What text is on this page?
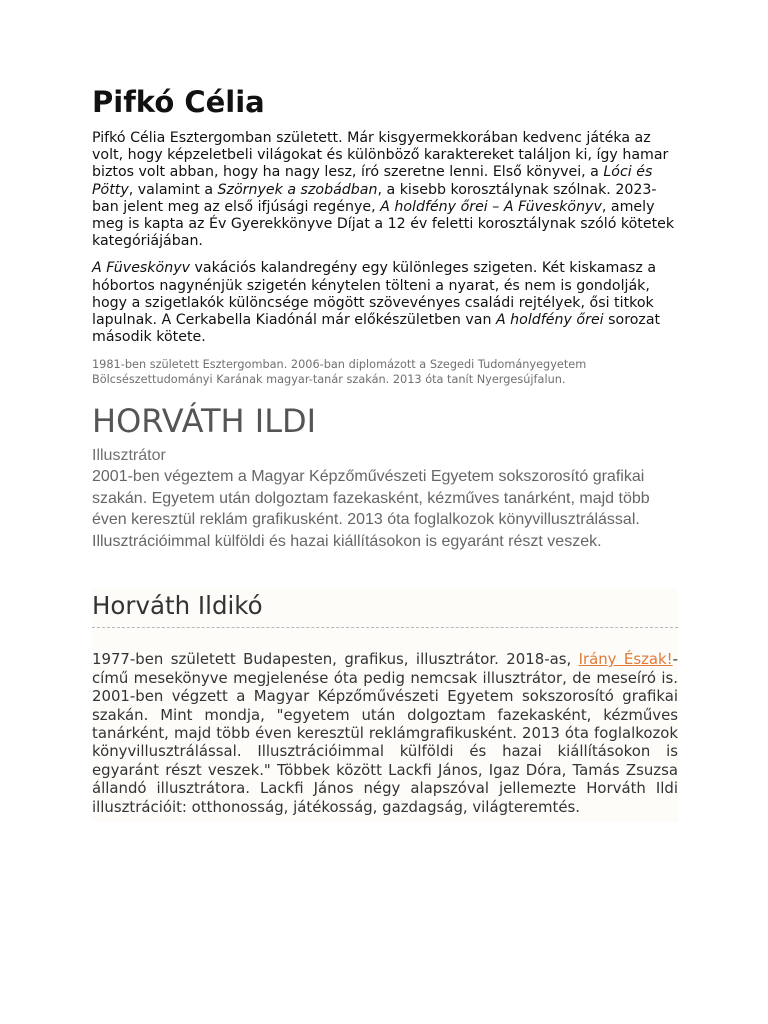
Pifkó Célia

Pifkó Célia Esztergomban született. Már kisgyermekkorában kedvenc játéka az volt, hogy képzeletbeli világokat és különböző karaktereket találjon ki, így hamar biztos volt abban, hogy ha nagy lesz, író szeretne lenni. Első könyvei, a Lóci és Pötty, valamint a Szörnyek a szobádban, a kisebb korosztálynak szólnak. 2023-ban jelent meg az első ifjúsági regénye, A holdfény őrei – A Füveskönyv, amely meg is kapta az Év Gyerekkönyve Díjat a 12 év feletti korosztálynak szóló kötetek kategóriájában.

A Füveskönyv vakációs kalandregény egy különleges szigeten. Két kiskamasz a hóbortos nagynénjük szigetén kénytelen tölteni a nyarat, és nem is gondolják, hogy a szigetlakók különcsége mögött szövevényes családi rejtélyek, ősi titkok lapulnak. A Cerkabella Kiadónál már előkészületben van A holdfény őrei sorozat második kötete.

1981-ben született Esztergomban. 2006-ban diplomázott a Szegedi Tudományegyetem Bölcsészettudományi Karának magyar-tanár szakán. 2013 óta tanít Nyergesújfalun.

HORVÁTH ILDI
Illusztrátor

2001-ben végeztem a Magyar Képzőművészeti Egyetem sokszorosító grafikai szakán. Egyetem után dolgoztam fazekasként, kézműves tanárként, majd több éven keresztül reklám grafikusként. 2013 óta foglalkozok könyvillusztrálással. Illusztrációimmal külföldi és hazai kiállításokon is egyaránt részt veszek.

Horváth Ildikó

1977-ben született Budapesten, grafikus, illusztrátor. 2018-as, Irány Észak!-című mesekönyve megjelenése óta pedig nemcsak illusztrátor, de meseíró is. 2001-ben végzett a Magyar Képzőművészeti Egyetem sokszorosító grafikai szakán. Mint mondja, "egyetem után dolgoztam fazekasként, kézműves tanárként, majd több éven keresztül reklámgrafikusként. 2013 óta foglalkozok könyvillusztrálással. Illusztrációimmal külföldi és hazai kiállításokon is egyaránt részt veszek." Többek között Lackfi János, Igaz Dóra, Tamás Zsuzsa állandó illusztrátora. Lackfi János négy alapszóval jellemezte Horváth Ildi illusztrációit: otthonosság, játékosság, gazdagság, világteremtés.
